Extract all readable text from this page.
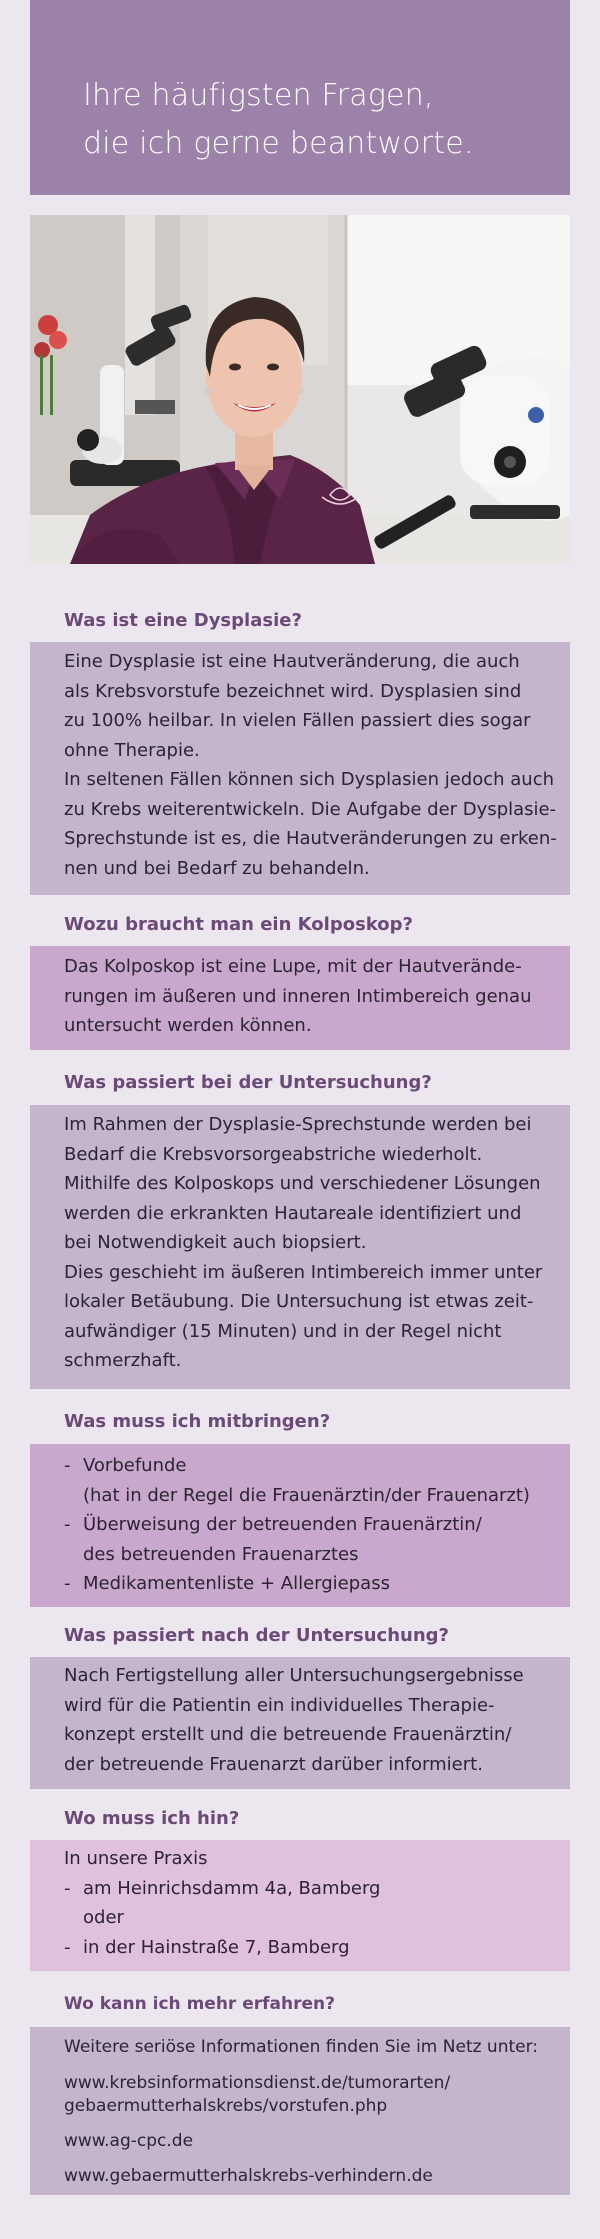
Ihre häufigsten Fragen,
die ich gerne beantworte.
Was ist eine Dysplasie?

Eine Dysplasie ist eine Hautveränderung, die auch

als Krebsvorstufe bezeichnet wird. Dysplasien sind

zu 100% heilbar. In vielen Fällen passiert dies sogar

ohne Therapie.

In seltenen Fällen können sich Dysplasien jedoch auch

zu Krebs weiterentwickeln. Die Aufgabe der Dysplasie-

Sprechstunde ist es, die Hautveränderungen zu erken-

nen und bei Bedarf zu behandeln.

Wozu braucht man ein Kolposkop?

Das Kolposkop ist eine Lupe, mit der Hautverände-

rungen im äußeren und inneren Intimbereich genau

untersucht werden können.

Was passiert bei der Untersuchung?

Im Rahmen der Dysplasie-Sprechstunde werden bei

Bedarf die Krebsvorsorgeabstriche wiederholt.

Mithilfe des Kolposkops und verschiedener Lösungen

werden die erkrankten Hautareale identifiziert und

bei Notwendigkeit auch biopsiert.

Dies geschieht im äußeren Intimbereich immer unter

lokaler Betäubung. Die Untersuchung ist etwas zeit-

aufwändiger (15 Minuten) und in der Regel nicht

schmerzhaft.

Was muss ich mitbringen?
- Vorbefunde
(hat in der Regel die Frauenärztin/der Frauenarzt)
- Überweisung der betreuenden Frauenärztin/
des betreuenden Frauenarztes
- Medikamentenliste + Allergiepass
Was passiert nach der Untersuchung?

Nach Fertigstellung aller Untersuchungsergebnisse

wird für die Patientin ein individuelles Therapie-

konzept erstellt und die betreuende Frauenärztin/

der betreuende Frauenarzt darüber informiert.

Wo muss ich hin?

In unsere Praxis

- am Heinrichsdamm 4a, Bamberg
oder
- in der Hainstraße 7, Bamberg
Wo kann ich mehr erfahren?

Weitere seriöse Informationen finden Sie im Netz unter:

www.krebsinformationsdienst.de/tumorarten/
gebaermutterhalskrebs/vorstufen.php

www.ag-cpc.de

www.gebaermutterhalskrebs-verhindern.de
